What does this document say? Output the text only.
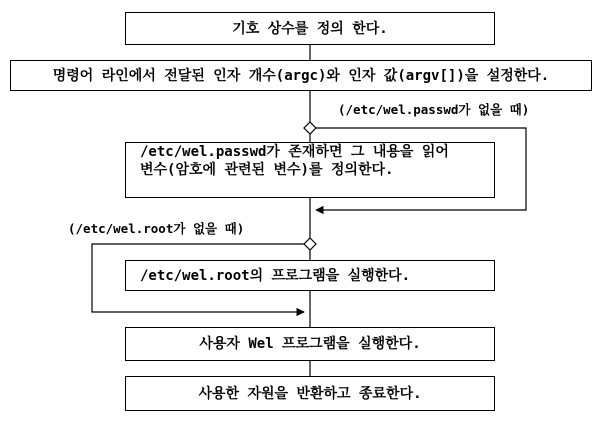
기호 상수를 정의 한다.
명령어 라인에서 전달된 인자 개수(argc)와 인자 값(argv[])을 설정한다.
(/etc/wel.passwd가 없을 때)
/etc/wel.passwd가 존재하면 그 내용을 읽어
변수(암호에 관련된 변수)를 정의한다.
(/etc/wel.root가 없을 때)
/etc/wel.root의 프로그램을 실행한다.
사용자 Wel 프로그램을 실행한다.
사용한 자원을 반환하고 종료한다.
